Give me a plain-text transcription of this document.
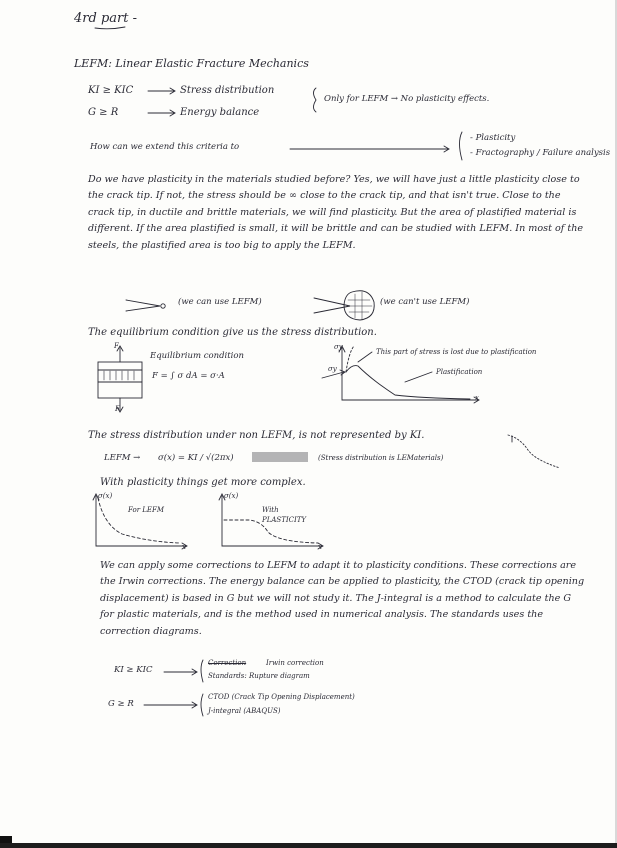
4rd part -
LEFM: Linear Elastic Fracture Mechanics
KI ≥ KIC	Stress distribution
G ≥ R	Energy balance
Only for LEFM → No plasticity effects.
How can we extend this criteria to
- Plasticity
- Fractography / Failure analysis
Do we have plasticity in the materials studied before? Yes, we will have just a little plasticity close to the crack tip. If not, the stress should be ∞ close to the crack tip, and that isn't true. Close to the crack tip, in ductile and brittle materials, we will find plasticity. But the area of plastified material is different. If the area plastified is small, it will be brittle and can be studied with LEFM. In most of the steels, the plastified area is too big to apply the LEFM.
(we can use LEFM)	(we can't use LEFM)
The equilibrium condition give us the stress distribution.
F
Equilibrium condition
F = ∫ σ dA = σ·A
F
σy
σy
This part of stress is lost due to plastification
Plastification
x
The stress distribution under non LEFM, is not represented by KI.
LEFM → σ(x) = KI / √(2πx)	(Stress distribution is LEMaterials)
With plasticity things get more complex.
σ(x)
For LEFM
x
σ(x)
With
PLASTICITY
x
We can apply some corrections to LEFM to adapt it to plasticity conditions. These corrections are the Irwin corrections. The energy balance can be applied to plasticity, the CTOD (crack tip opening displacement) is based in G but we will not study it. The J-integral is a method to calculate the G for plastic materials, and is the method used in numerical analysis. The standards uses the correction diagrams.
KI ≥ KIC
Correction	Irwin correction
Standards: Rupture diagram
G ≥ R
CTOD (Crack Tip Opening Displacement)
J-integral (ABAQUS)
